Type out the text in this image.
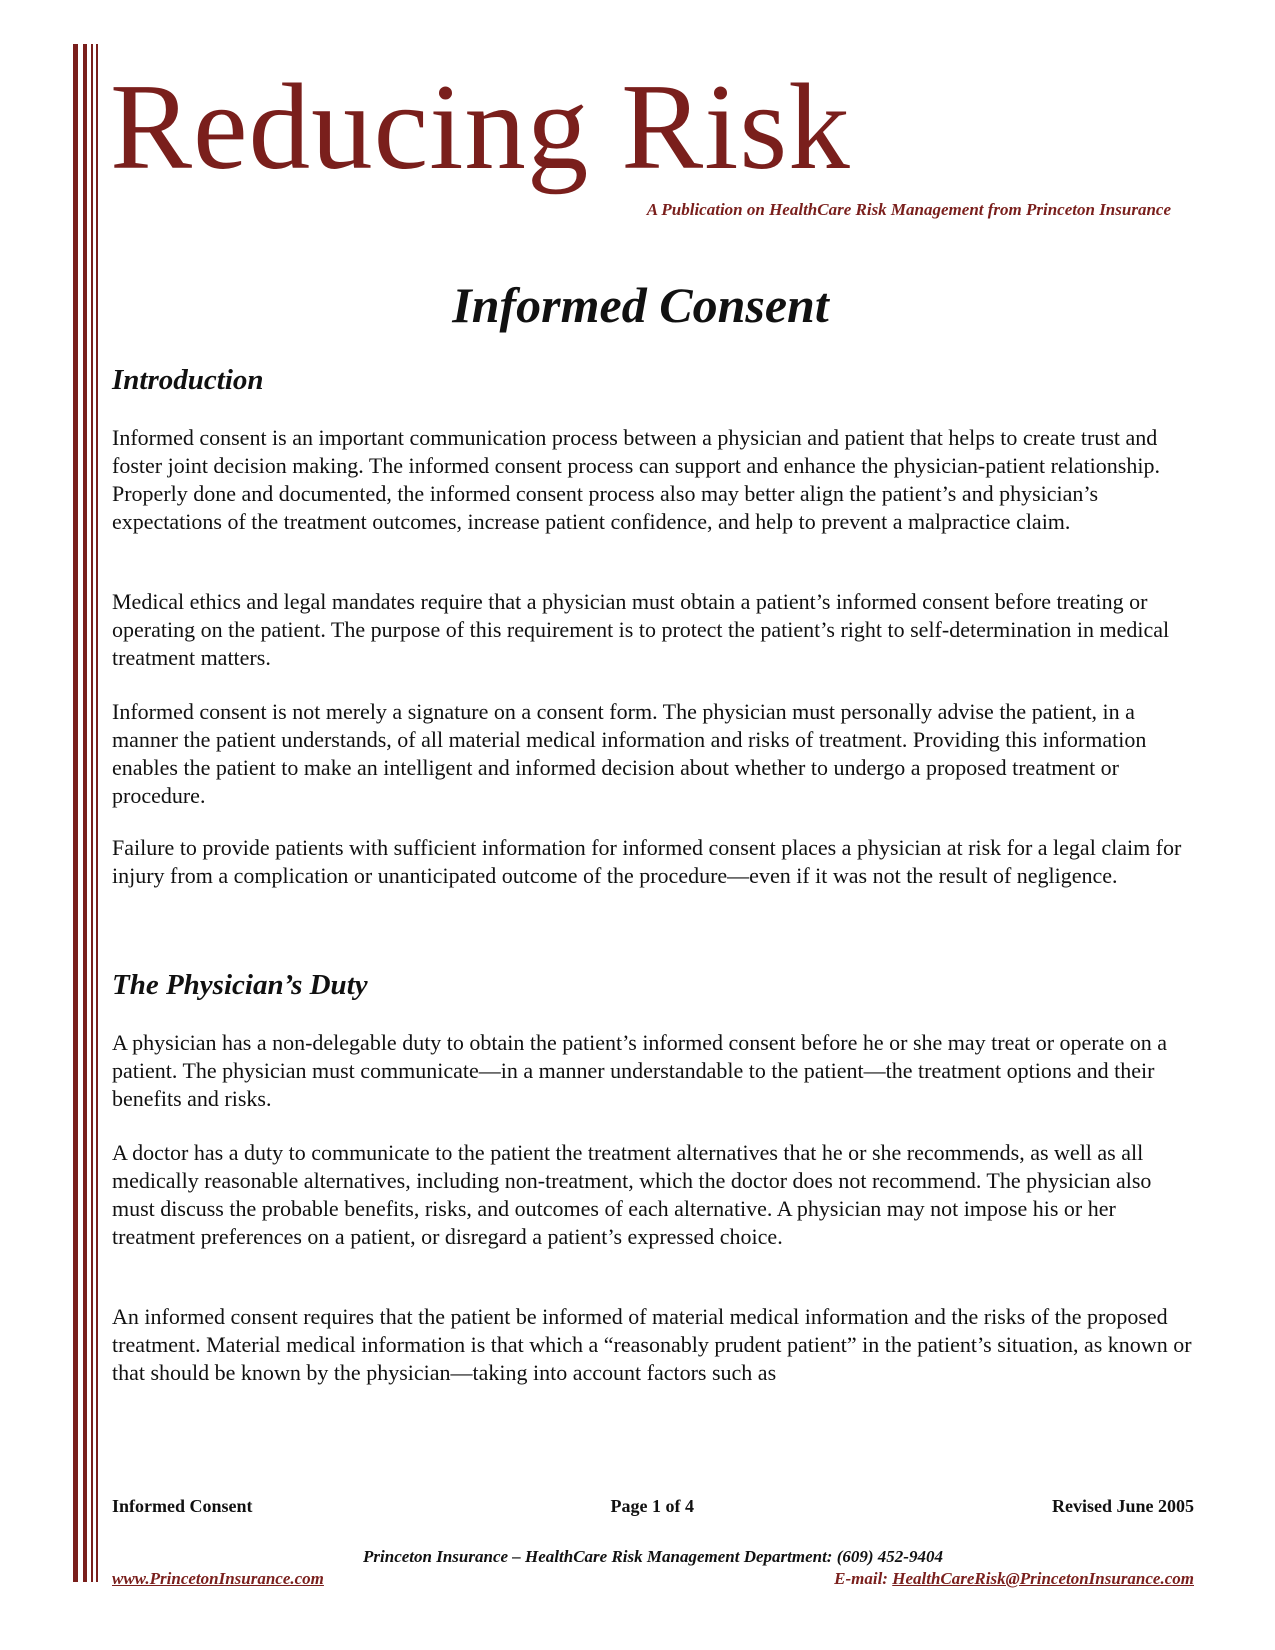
Reducing Risk
A Publication on HealthCare Risk Management from Princeton Insurance
Informed Consent
Introduction

Informed consent is an important communication process between a physician and patient that helps to create trust and foster joint decision making. The informed consent process can support and enhance the physician-patient relationship. Properly done and documented, the informed consent process also may better align the patient’s and physician’s expectations of the treatment outcomes, increase patient confidence, and help to prevent a malpractice claim.

Medical ethics and legal mandates require that a physician must obtain a patient’s informed consent before treating or operating on the patient. The purpose of this requirement is to protect the patient’s right to self-determination in medical treatment matters.

Informed consent is not merely a signature on a consent form. The physician must personally advise the patient, in a manner the patient understands, of all material medical information and risks of treatment. Providing this information enables the patient to make an intelligent and informed decision about whether to undergo a proposed treatment or procedure.

Failure to provide patients with sufficient information for informed consent places a physician at risk for a legal claim for injury from a complication or unanticipated outcome of the procedure—even if it was not the result of negligence.

The Physician’s Duty

A physician has a non-delegable duty to obtain the patient’s informed consent before he or she may treat or operate on a patient. The physician must communicate—in a manner understandable to the patient—the treatment options and their benefits and risks.

A doctor has a duty to communicate to the patient the treatment alternatives that he or she recommends, as well as all medically reasonable alternatives, including non-treatment, which the doctor does not recommend. The physician also must discuss the probable benefits, risks, and outcomes of each alternative. A physician may not impose his or her treatment preferences on a patient, or disregard a patient’s expressed choice.

An informed consent requires that the patient be informed of material medical information and the risks of the proposed treatment. Material medical information is that which a “reasonably prudent patient” in the patient’s situation, as known or that should be known by the physician—taking into account factors such as

Informed Consent	Page 1 of 4	Revised June 2005
Princeton Insurance – HealthCare Risk Management Department: (609) 452-9404
www.PrincetonInsurance.com	E-mail: HealthCareRisk@PrincetonInsurance.com
